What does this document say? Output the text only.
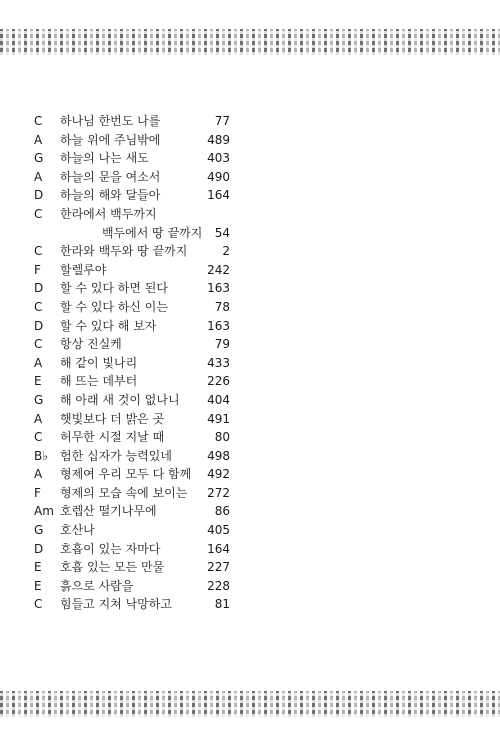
C	하나님 한번도 나를	77
A	하늘 위에 주님밖에	489
G	하늘의 나는 새도	403
A	하늘의 문을 여소서	490
D	하늘의 해와 달들아	164
C	한라에서 백두까지
백두에서 땅 끝까지	54
C	한라와 백두와 땅 끝까지	2
F	할렐루야	242
D	할 수 있다 하면 된다	163
C	할 수 있다 하신 이는	78
D	할 수 있다 해 보자	163
C	항상 진실케	79
A	해 같이 빛나리	433
E	해 뜨는 데부터	226
G	해 아래 새 것이 없나니	404
A	햇빛보다 더 밝은 곳	491
C	허무한 시절 지날 때	80
B♭	험한 십자가 능력있네	498
A	형제여 우리 모두 다 함께	492
F	형제의 모습 속에 보이는	272
Am 호렙산 떨기나무에	86
G	호산나	405
D	호흡이 있는 자마다	164
E	호흡 있는 모든 만물	227
E	흙으로 사람을	228
C	힘들고 지쳐 낙망하고	81
